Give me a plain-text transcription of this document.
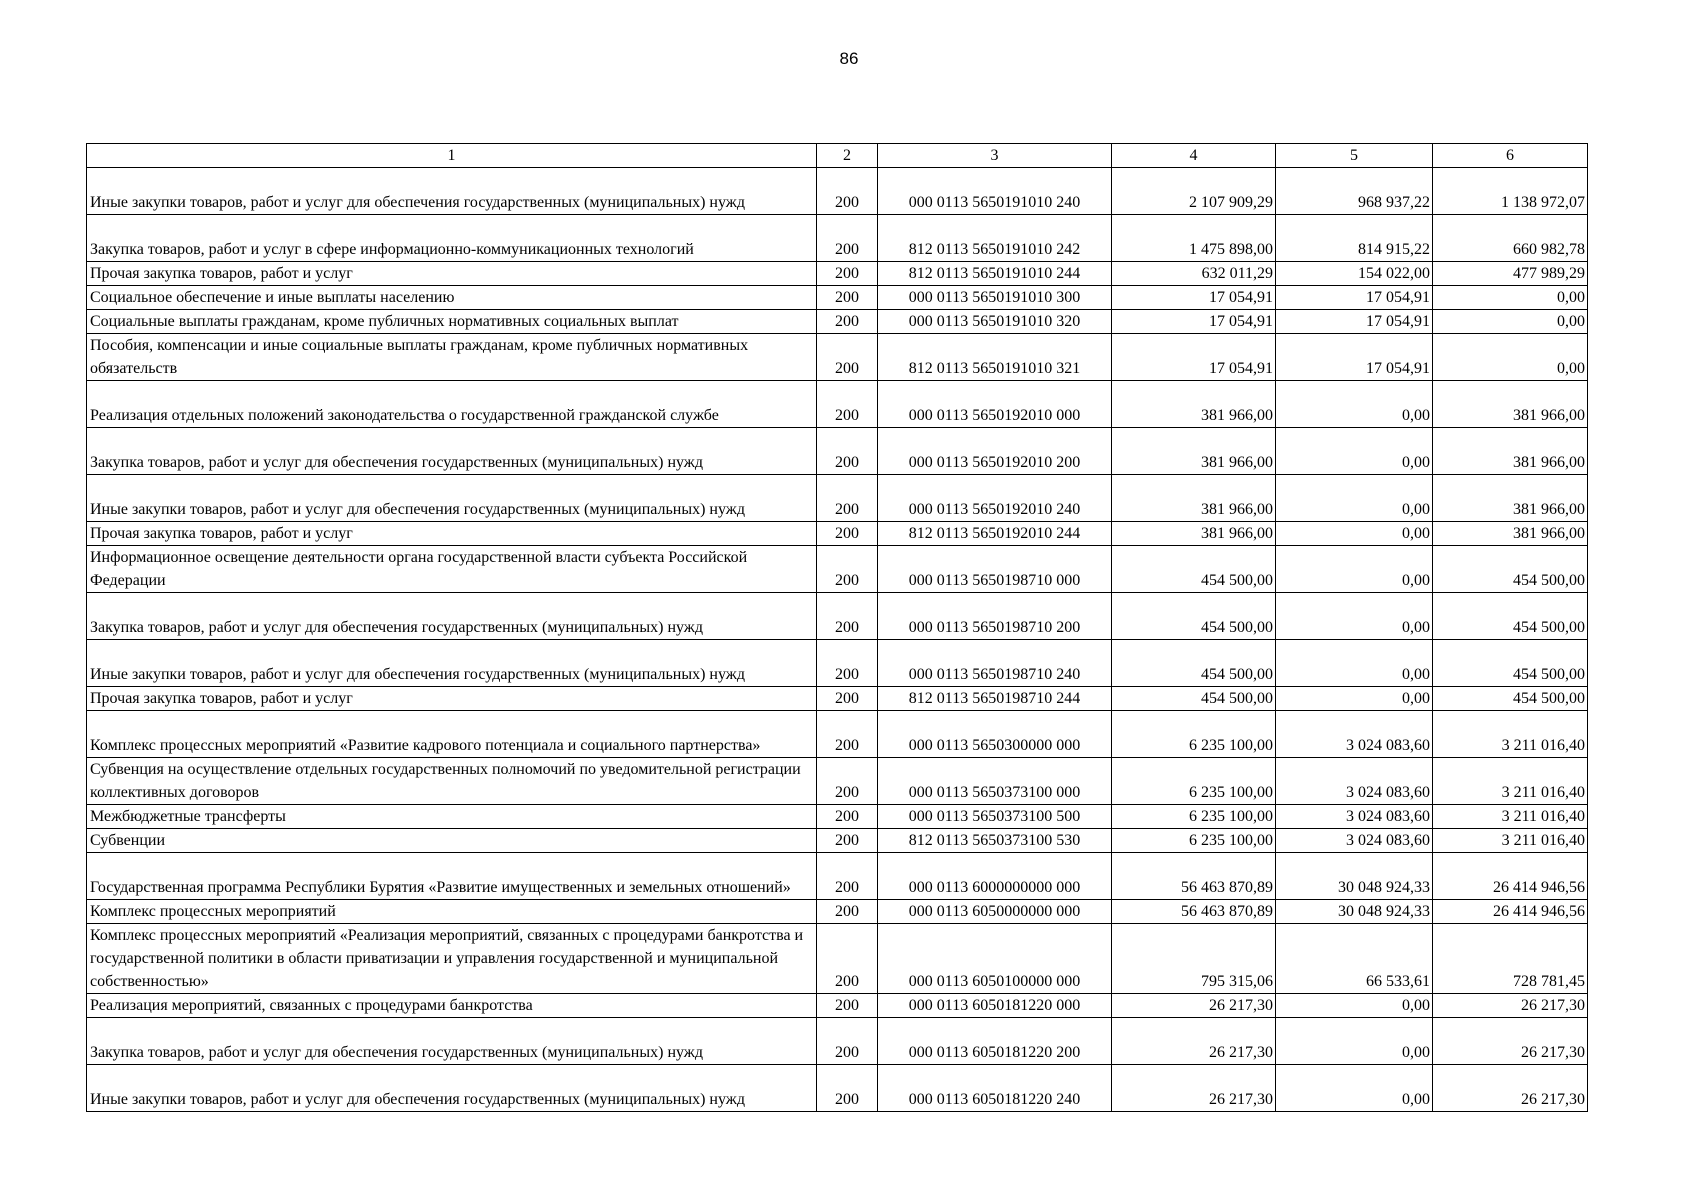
86
1	2	3	4	5	6
Иные закупки товаров, работ и услуг для обеспечения государственных (муниципальных) нужд	200	000 0113 5650191010 240	2 107 909,29	968 937,22	1 138 972,07
Закупка товаров, работ и услуг в сфере информационно-коммуникационных технологий	200	812 0113 5650191010 242	1 475 898,00	814 915,22	660 982,78
Прочая закупка товаров, работ и услуг	200	812 0113 5650191010 244	632 011,29	154 022,00	477 989,29
Социальное обеспечение и иные выплаты населению	200	000 0113 5650191010 300	17 054,91	17 054,91	0,00
Социальные выплаты гражданам, кроме публичных нормативных социальных выплат	200	000 0113 5650191010 320	17 054,91	17 054,91	0,00
Пособия, компенсации и иные социальные выплаты гражданам, кроме публичных нормативных обязательств	200	812 0113 5650191010 321	17 054,91	17 054,91	0,00
Реализация отдельных положений законодательства о государственной гражданской службе	200	000 0113 5650192010 000	381 966,00	0,00	381 966,00
Закупка товаров, работ и услуг для обеспечения государственных (муниципальных) нужд	200	000 0113 5650192010 200	381 966,00	0,00	381 966,00
Иные закупки товаров, работ и услуг для обеспечения государственных (муниципальных) нужд	200	000 0113 5650192010 240	381 966,00	0,00	381 966,00
Прочая закупка товаров, работ и услуг	200	812 0113 5650192010 244	381 966,00	0,00	381 966,00
Информационное освещение деятельности органа государственной власти субъекта Российской Федерации	200	000 0113 5650198710 000	454 500,00	0,00	454 500,00
Закупка товаров, работ и услуг для обеспечения государственных (муниципальных) нужд	200	000 0113 5650198710 200	454 500,00	0,00	454 500,00
Иные закупки товаров, работ и услуг для обеспечения государственных (муниципальных) нужд	200	000 0113 5650198710 240	454 500,00	0,00	454 500,00
Прочая закупка товаров, работ и услуг	200	812 0113 5650198710 244	454 500,00	0,00	454 500,00
Комплекс процессных мероприятий «Развитие кадрового потенциала и социального партнерства»	200	000 0113 5650300000 000	6 235 100,00	3 024 083,60	3 211 016,40
Субвенция на осуществление отдельных государственных полномочий по уведомительной регистрации коллективных договоров	200	000 0113 5650373100 000	6 235 100,00	3 024 083,60	3 211 016,40
Межбюджетные трансферты	200	000 0113 5650373100 500	6 235 100,00	3 024 083,60	3 211 016,40
Субвенции	200	812 0113 5650373100 530	6 235 100,00	3 024 083,60	3 211 016,40
Государственная программа Республики Бурятия «Развитие имущественных и земельных отношений»	200	000 0113 6000000000 000	56 463 870,89	30 048 924,33	26 414 946,56
Комплекс процессных мероприятий	200	000 0113 6050000000 000	56 463 870,89	30 048 924,33	26 414 946,56
Комплекс процессных мероприятий «Реализация мероприятий, связанных с процедурами банкротства и государственной политики в области приватизации и управления государственной и муниципальной собственностью»	200	000 0113 6050100000 000	795 315,06	66 533,61	728 781,45
Реализация мероприятий, связанных с процедурами банкротства	200	000 0113 6050181220 000	26 217,30	0,00	26 217,30
Закупка товаров, работ и услуг для обеспечения государственных (муниципальных) нужд	200	000 0113 6050181220 200	26 217,30	0,00	26 217,30
Иные закупки товаров, работ и услуг для обеспечения государственных (муниципальных) нужд	200	000 0113 6050181220 240	26 217,30	0,00	26 217,30
